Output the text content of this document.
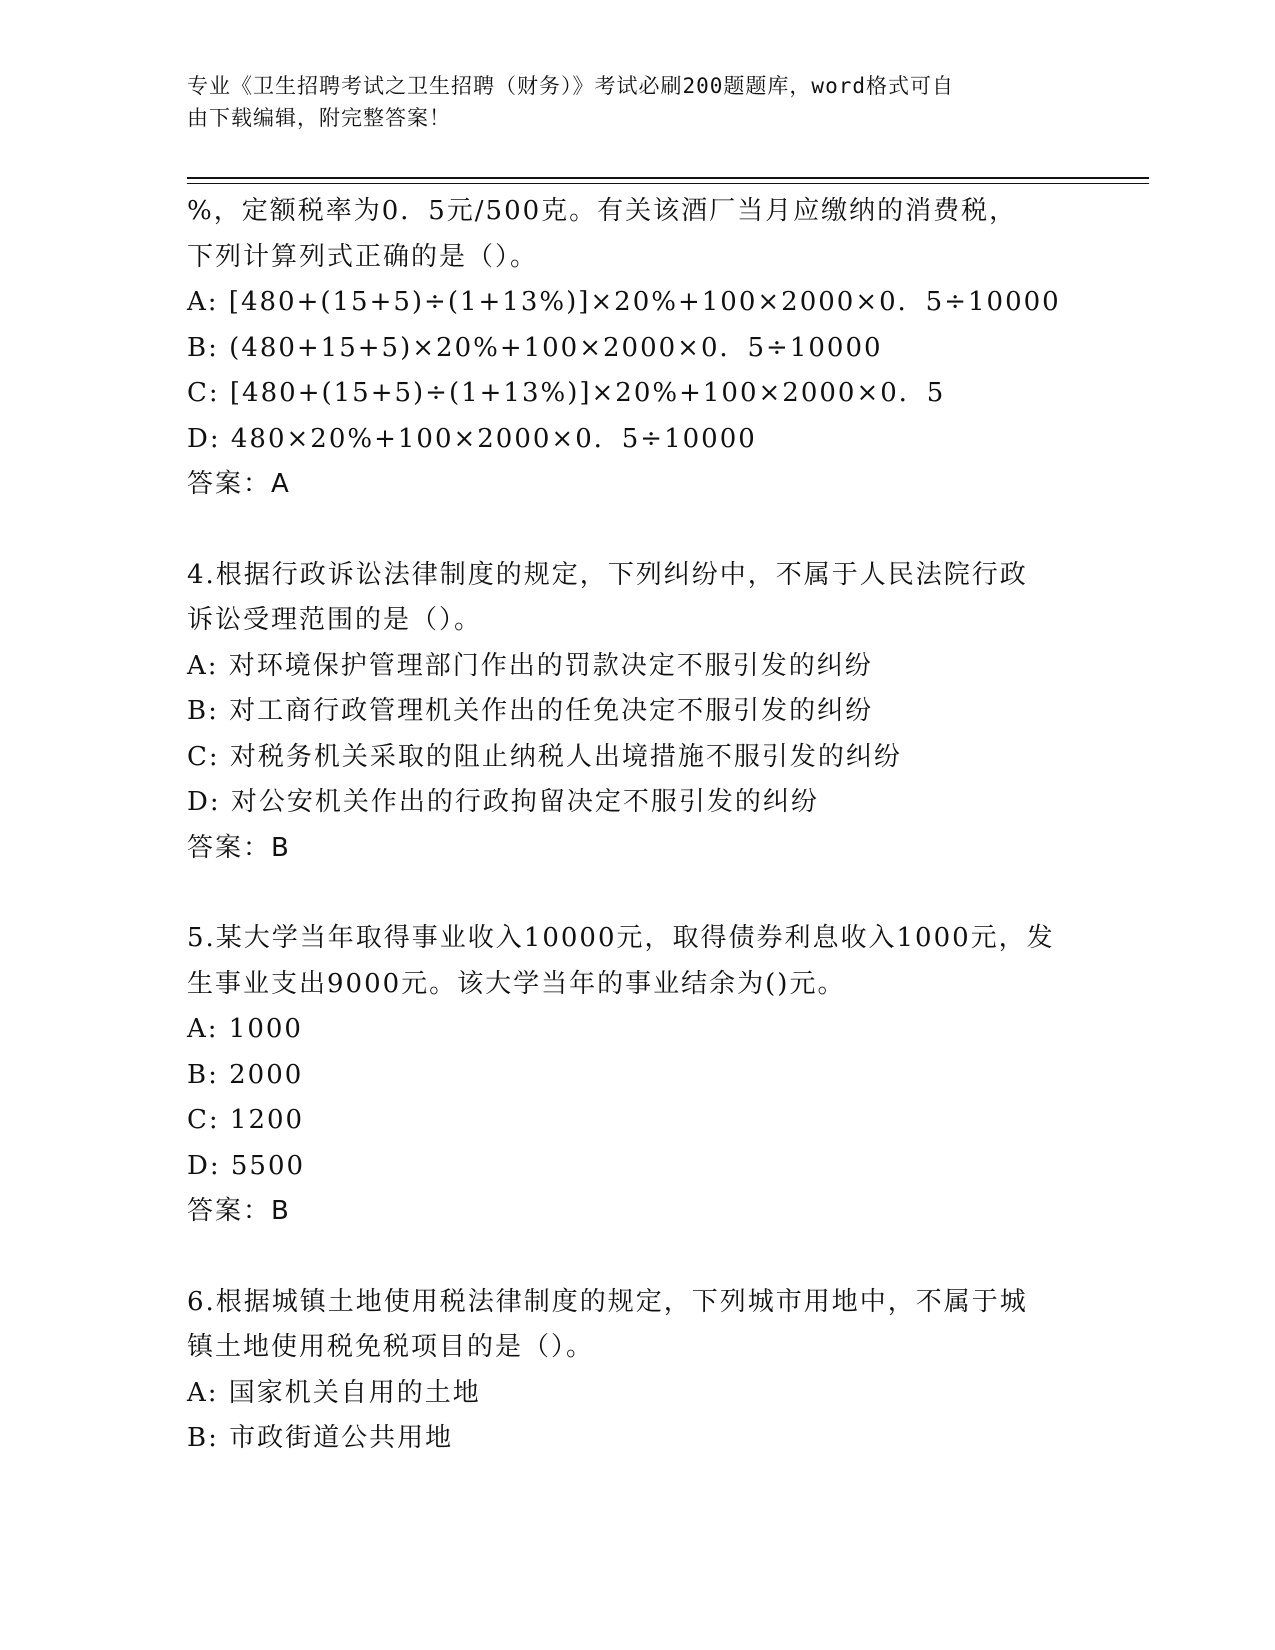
专业《卫生招聘考试之卫生招聘（财务）》考试必刷200题题库，word格式可自
由下载编辑，附完整答案！
%，定额税率为0．5元/500克。有关该酒厂当月应缴纳的消费税，
下列计算列式正确的是（）。
A: [480+(15+5)÷(1+13%)]×20%+100×2000×0．5÷10000
B: (480+15+5)×20%+100×2000×0．5÷10000
C: [480+(15+5)÷(1+13%)]×20%+100×2000×0．5
D: 480×20%+100×2000×0．5÷10000
答案：A
4.根据行政诉讼法律制度的规定，下列纠纷中，不属于人民法院行政
诉讼受理范围的是（）。
A: 对环境保护管理部门作出的罚款决定不服引发的纠纷
B: 对工商行政管理机关作出的任免决定不服引发的纠纷
C: 对税务机关采取的阻止纳税人出境措施不服引发的纠纷
D: 对公安机关作出的行政拘留决定不服引发的纠纷
答案：B
5.某大学当年取得事业收入10000元，取得债券利息收入1000元，发
生事业支出9000元。该大学当年的事业结余为()元。
A: 1000
B: 2000
C: 1200
D: 5500
答案：B
6.根据城镇土地使用税法律制度的规定，下列城市用地中，不属于城
镇土地使用税免税项目的是（）。
A: 国家机关自用的土地
B: 市政街道公共用地
